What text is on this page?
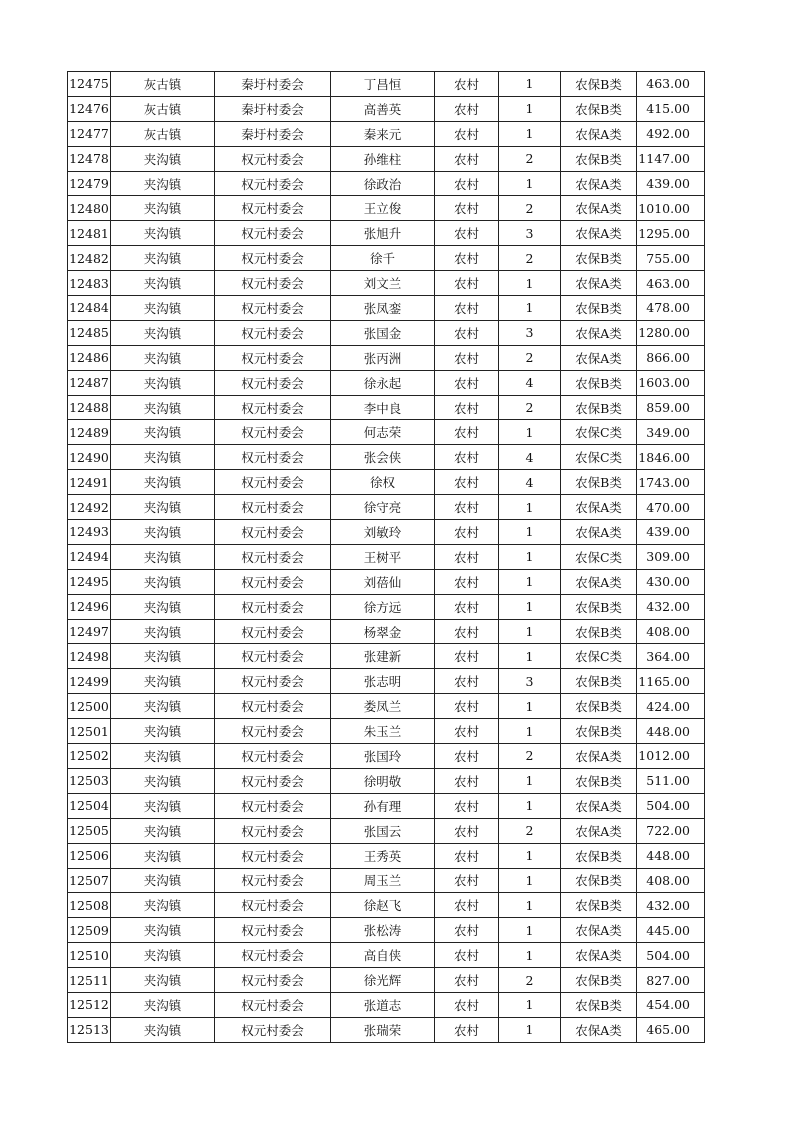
12475	灰古镇	秦圩村委会	丁昌恒	农村	1	农保B类	463.00
12476	灰古镇	秦圩村委会	高善英	农村	1	农保B类	415.00
12477	灰古镇	秦圩村委会	秦来元	农村	1	农保A类	492.00
12478	夹沟镇	权元村委会	孙维柱	农村	2	农保B类	1147.00
12479	夹沟镇	权元村委会	徐政治	农村	1	农保A类	439.00
12480	夹沟镇	权元村委会	王立俊	农村	2	农保A类	1010.00
12481	夹沟镇	权元村委会	张旭升	农村	3	农保A类	1295.00
12482	夹沟镇	权元村委会	徐千	农村	2	农保B类	755.00
12483	夹沟镇	权元村委会	刘文兰	农村	1	农保A类	463.00
12484	夹沟镇	权元村委会	张凤銮	农村	1	农保B类	478.00
12485	夹沟镇	权元村委会	张国金	农村	3	农保A类	1280.00
12486	夹沟镇	权元村委会	张丙洲	农村	2	农保A类	866.00
12487	夹沟镇	权元村委会	徐永起	农村	4	农保B类	1603.00
12488	夹沟镇	权元村委会	李中良	农村	2	农保B类	859.00
12489	夹沟镇	权元村委会	何志荣	农村	1	农保C类	349.00
12490	夹沟镇	权元村委会	张会侠	农村	4	农保C类	1846.00
12491	夹沟镇	权元村委会	徐权	农村	4	农保B类	1743.00
12492	夹沟镇	权元村委会	徐守亮	农村	1	农保A类	470.00
12493	夹沟镇	权元村委会	刘敏玲	农村	1	农保A类	439.00
12494	夹沟镇	权元村委会	王树平	农村	1	农保C类	309.00
12495	夹沟镇	权元村委会	刘蓓仙	农村	1	农保A类	430.00
12496	夹沟镇	权元村委会	徐方远	农村	1	农保B类	432.00
12497	夹沟镇	权元村委会	杨翠金	农村	1	农保B类	408.00
12498	夹沟镇	权元村委会	张建新	农村	1	农保C类	364.00
12499	夹沟镇	权元村委会	张志明	农村	3	农保B类	1165.00
12500	夹沟镇	权元村委会	娄凤兰	农村	1	农保B类	424.00
12501	夹沟镇	权元村委会	朱玉兰	农村	1	农保B类	448.00
12502	夹沟镇	权元村委会	张国玲	农村	2	农保A类	1012.00
12503	夹沟镇	权元村委会	徐明敬	农村	1	农保B类	511.00
12504	夹沟镇	权元村委会	孙有理	农村	1	农保A类	504.00
12505	夹沟镇	权元村委会	张国云	农村	2	农保A类	722.00
12506	夹沟镇	权元村委会	王秀英	农村	1	农保B类	448.00
12507	夹沟镇	权元村委会	周玉兰	农村	1	农保B类	408.00
12508	夹沟镇	权元村委会	徐赵飞	农村	1	农保B类	432.00
12509	夹沟镇	权元村委会	张松涛	农村	1	农保A类	445.00
12510	夹沟镇	权元村委会	高自侠	农村	1	农保A类	504.00
12511	夹沟镇	权元村委会	徐光辉	农村	2	农保B类	827.00
12512	夹沟镇	权元村委会	张道志	农村	1	农保B类	454.00
12513	夹沟镇	权元村委会	张瑞荣	农村	1	农保A类	465.00
